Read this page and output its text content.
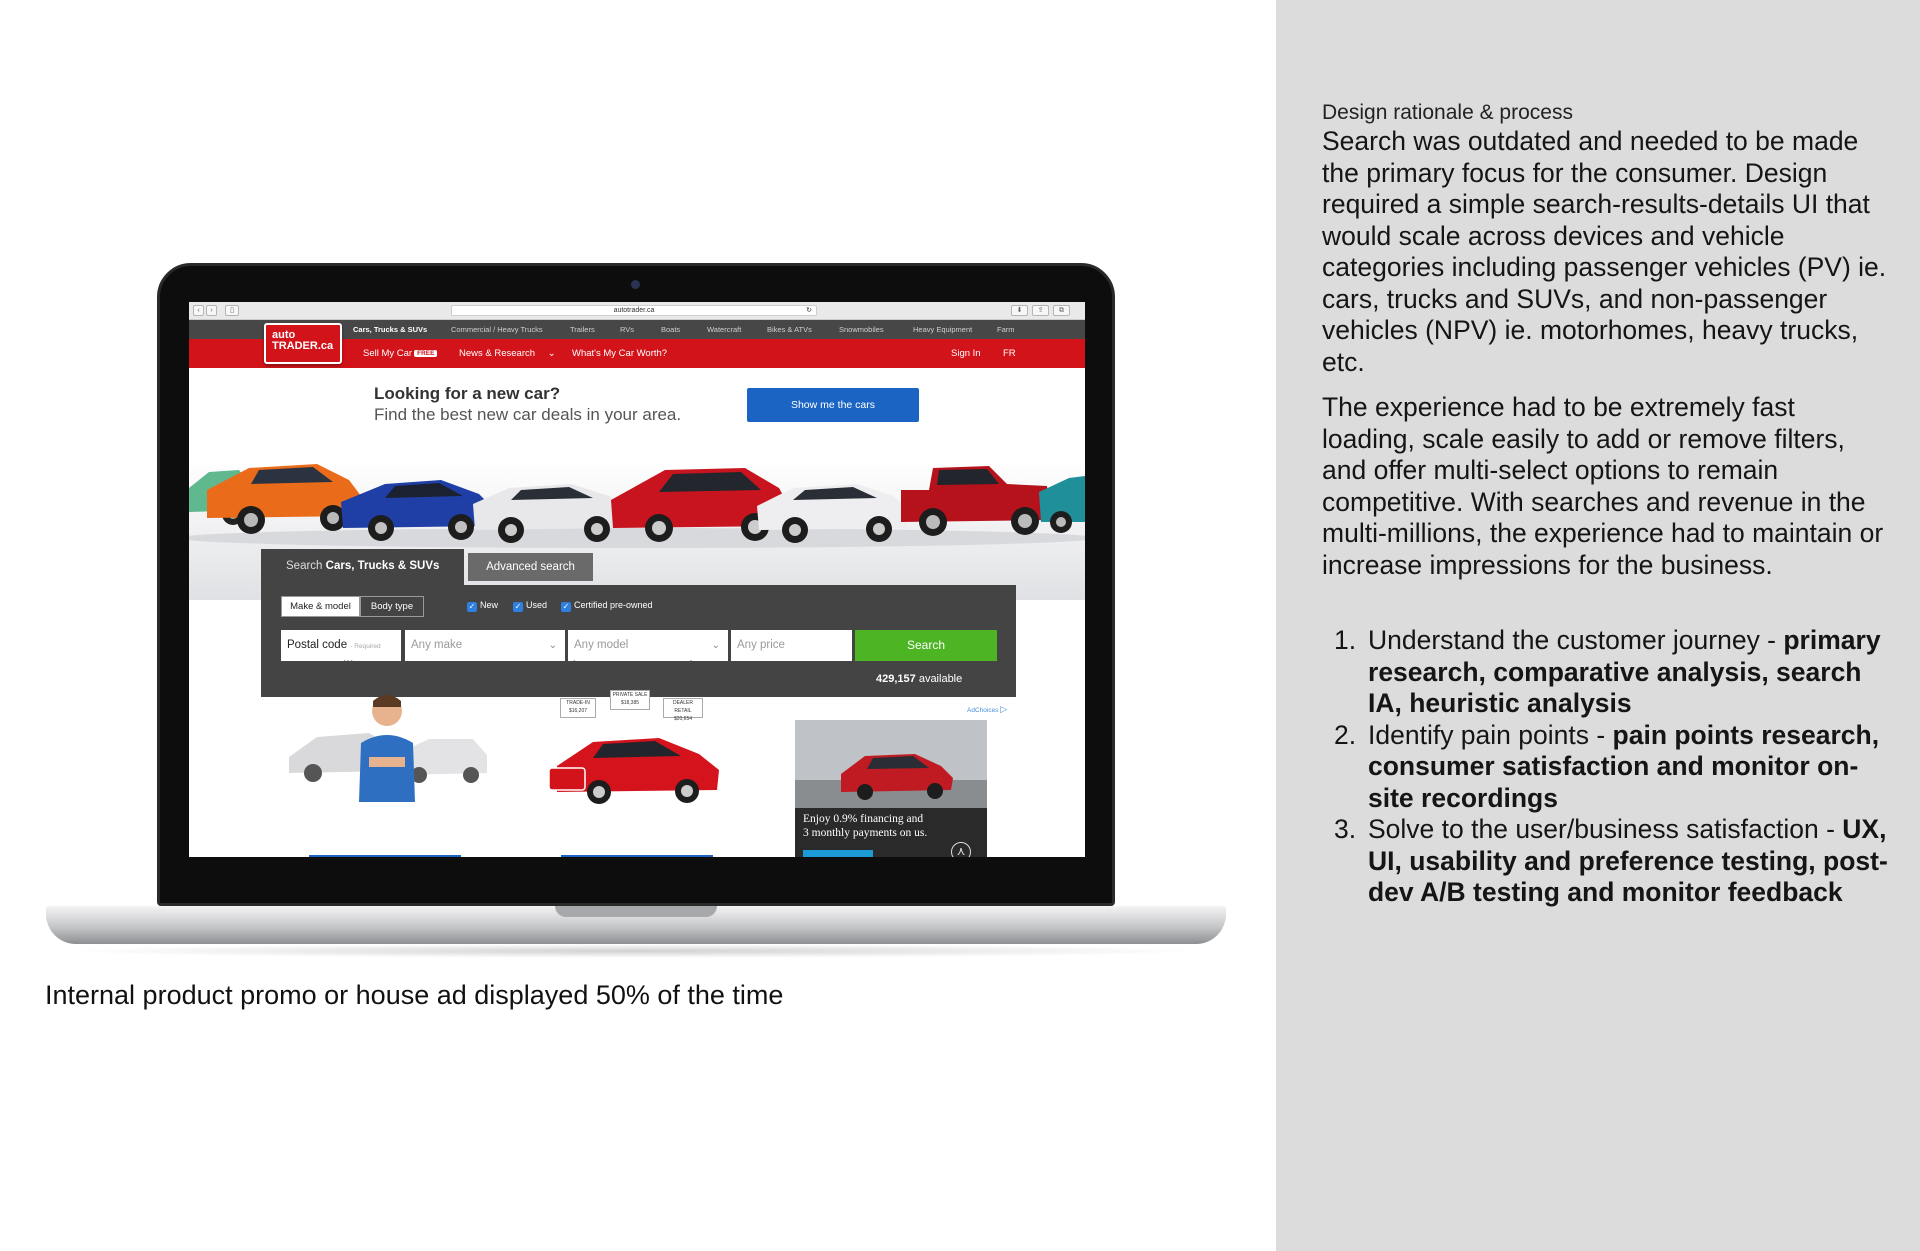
‹	›	▯	autotrader.ca	↻	⬇	⇪	⧉
Cars, Trucks & SUVs	Commercial / Heavy Trucks	Trailers	RVs	Boats	Watercraft	Bikes & ATVs	Snowmobiles	Heavy Equipment	Farm
Sell My Car FREE	News & Research ⌄ What's My Car Worth?	Sign In FR
auto
TRADER.ca
Looking for a new car?
Find the best new car deals in your area.	Show me the cars
Search Cars, Trucks & SUVs	Advanced search
Make & model	Body type	✓ New ✓ Used ✓ Certified pre-owned
Postal code - Required	Any make	⌄	Any model	⌄	Any price	Search
429,157 available
AdChoices ▷
Selling your car?	What's my car worth?
TRADE-IN
$16,207
PRIVATE SALE
$18,385	DEALER RETAIL
$20,654
Enjoy 0.9% financing and
3 monthly payments on us.
⋏
Internal product promo or house ad displayed 50% of the time
Design rationale & process

Search was outdated and needed to be made the primary focus for the consumer. Design required a simple search-results-details UI that would scale across devices and vehicle categories including passenger vehicles (PV) ie. cars, trucks and SUVs, and non-passenger vehicles (NPV) ie. motorhomes, heavy trucks, etc.

The experience had to be extremely fast loading, scale easily to add or remove filters, and offer multi-select options to remain competitive. With searches and revenue in the multi-millions, the experience had to maintain or increase impressions for the business.

1. Understand the customer journey - primary research, comparative analysis, search IA, heuristic analysis
2. Identify pain points - pain points research, consumer satisfaction and monitor on-site recordings
3. Solve to the user/business satisfaction - UX, UI, usability and preference testing, post-dev A/B testing and monitor feedback
